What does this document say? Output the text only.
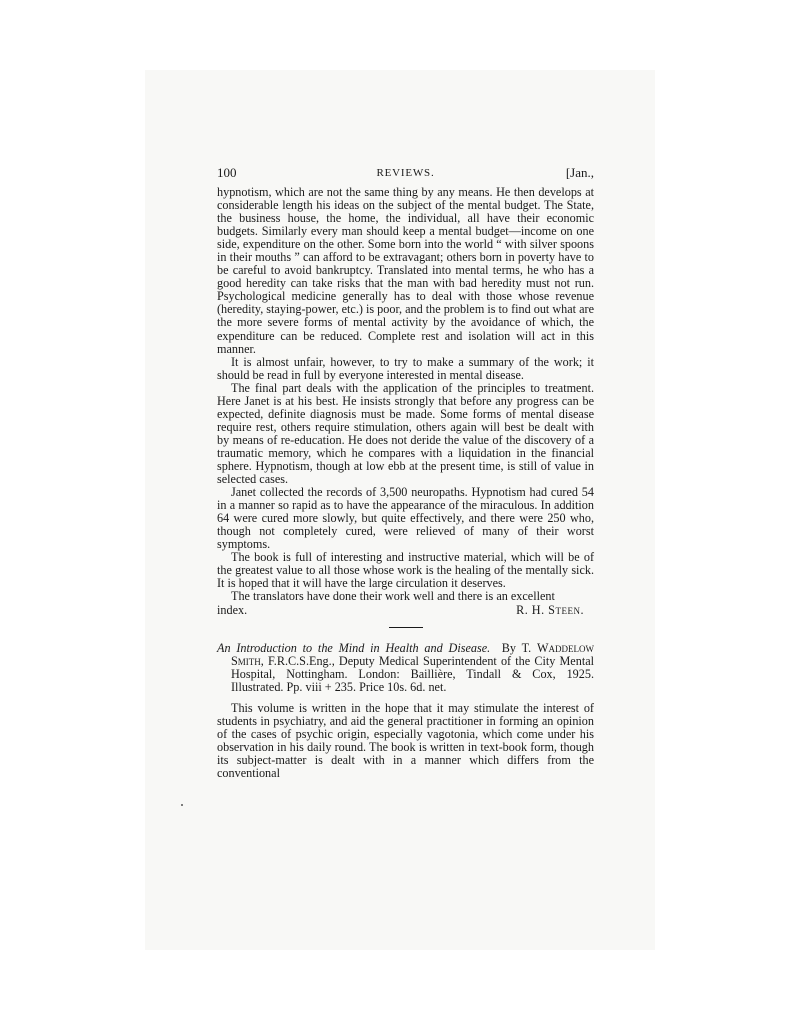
100	REVIEWS.	[Jan.,

hypnotism, which are not the same thing by any means. He then develops at considerable length his ideas on the subject of the mental budget. The State, the business house, the home, the individual, all have their economic budgets. Similarly every man should keep a mental budget—income on one side, expenditure on the other. Some born into the world “ with silver spoons in their mouths ” can afford to be extravagant; others born in poverty have to be careful to avoid bankruptcy. Translated into mental terms, he who has a good heredity can take risks that the man with bad heredity must not run. Psychological medicine generally has to deal with those whose revenue (heredity, staying-power, etc.) is poor, and the problem is to find out what are the more severe forms of mental activity by the avoidance of which, the expenditure can be reduced. Complete rest and isolation will act in this manner.

It is almost unfair, however, to try to make a summary of the work; it should be read in full by everyone interested in mental disease.

The final part deals with the application of the principles to treatment. Here Janet is at his best. He insists strongly that before any progress can be expected, definite diagnosis must be made. Some forms of mental disease require rest, others require stimulation, others again will best be dealt with by means of re-education. He does not deride the value of the discovery of a traumatic memory, which he compares with a liquidation in the financial sphere. Hypnotism, though at low ebb at the present time, is still of value in selected cases.

Janet collected the records of 3,500 neuropaths. Hypnotism had cured 54 in a manner so rapid as to have the appearance of the miraculous. In addition 64 were cured more slowly, but quite effectively, and there were 250 who, though not completely cured, were relieved of many of their worst symptoms.

The book is full of interesting and instructive material, which will be of the greatest value to all those whose work is the healing of the mentally sick. It is hoped that it will have the large circulation it deserves.

The translators have done their work well and there is an excellent

index.	R. H. Steen.

An Introduction to the Mind in Health and Disease. By T. Waddelow Smith, F.R.C.S.Eng., Deputy Medical Superintendent of the City Mental Hospital, Nottingham. London: Baillière, Tindall & Cox, 1925. Illustrated. Pp. viii + 235. Price 10s. 6d. net.

This volume is written in the hope that it may stimulate the interest of students in psychiatry, and aid the general practitioner in forming an opinion of the cases of psychic origin, especially vagotonia, which come under his observation in his daily round. The book is written in text-book form, though its subject-matter is dealt with in a manner which differs from the conventional
